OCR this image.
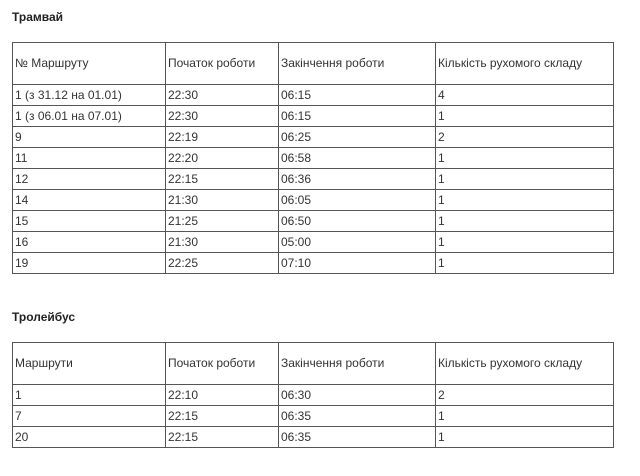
Трамвай
№ Маршруту	Початок роботи	Закінчення роботи	Кількість рухомого складу
1 (з 31.12 на 01.01)	22:30	06:15	4
1 (з 06.01 на 07.01)	22:30	06:15	1
9	22:19	06:25	2
11	22:20	06:58	1
12	22:15	06:36	1
14	21:30	06:05	1
15	21:25	06:50	1
16	21:30	05:00	1
19	22:25	07:10	1
Тролейбус
Маршрути	Початок роботи	Закінчення роботи	Кількість рухомого складу
1	22:10	06:30	2
7	22:15	06:35	1
20	22:15	06:35	1
